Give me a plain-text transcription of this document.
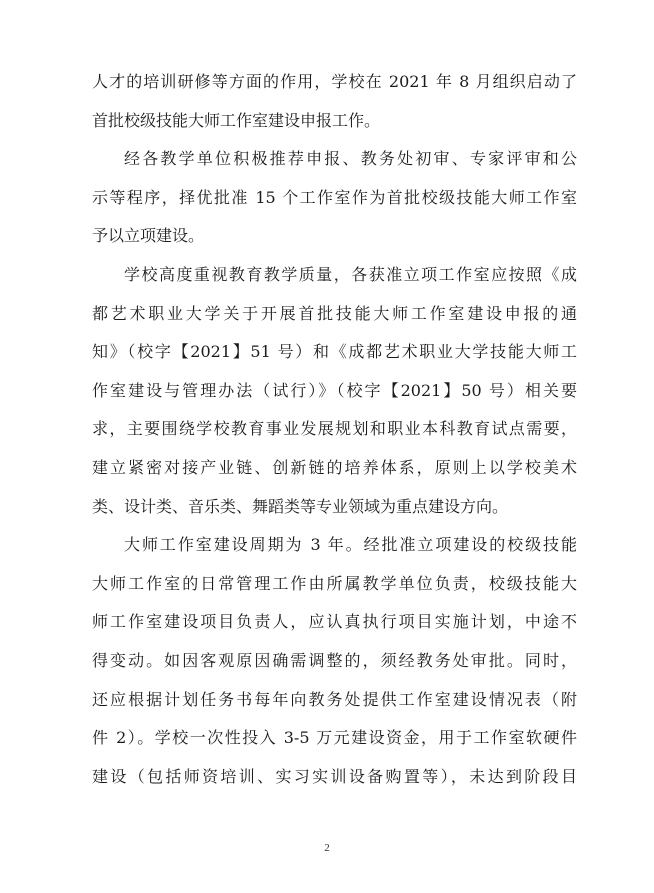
人才的培训研修等方面的作用，学校在 2021 年 8 月组织启动了
首批校级技能大师工作室建设申报工作。
经各教学单位积极推荐申报、教务处初审、专家评审和公
示等程序，择优批准 15 个工作室作为首批校级技能大师工作室
予以立项建设。
学校高度重视教育教学质量，各获准立项工作室应按照《成
都艺术职业大学关于开展首批技能大师工作室建设申报的通
知》（校字【2021】51 号）和《成都艺术职业大学技能大师工
作室建设与管理办法（试行）》（校字【2021】50 号）相关要
求，主要围绕学校教育事业发展规划和职业本科教育试点需要，
建立紧密对接产业链、创新链的培养体系，原则上以学校美术
类、设计类、音乐类、舞蹈类等专业领域为重点建设方向。
大师工作室建设周期为 3 年。经批准立项建设的校级技能
大师工作室的日常管理工作由所属教学单位负责，校级技能大
师工作室建设项目负责人，应认真执行项目实施计划，中途不
得变动。如因客观原因确需调整的，须经教务处审批。同时，
还应根据计划任务书每年向教务处提供工作室建设情况表（附
件 2）。学校一次性投入 3-5 万元建设资金，用于工作室软硬件
建设（包括师资培训、实习实训设备购置等），未达到阶段目
2
